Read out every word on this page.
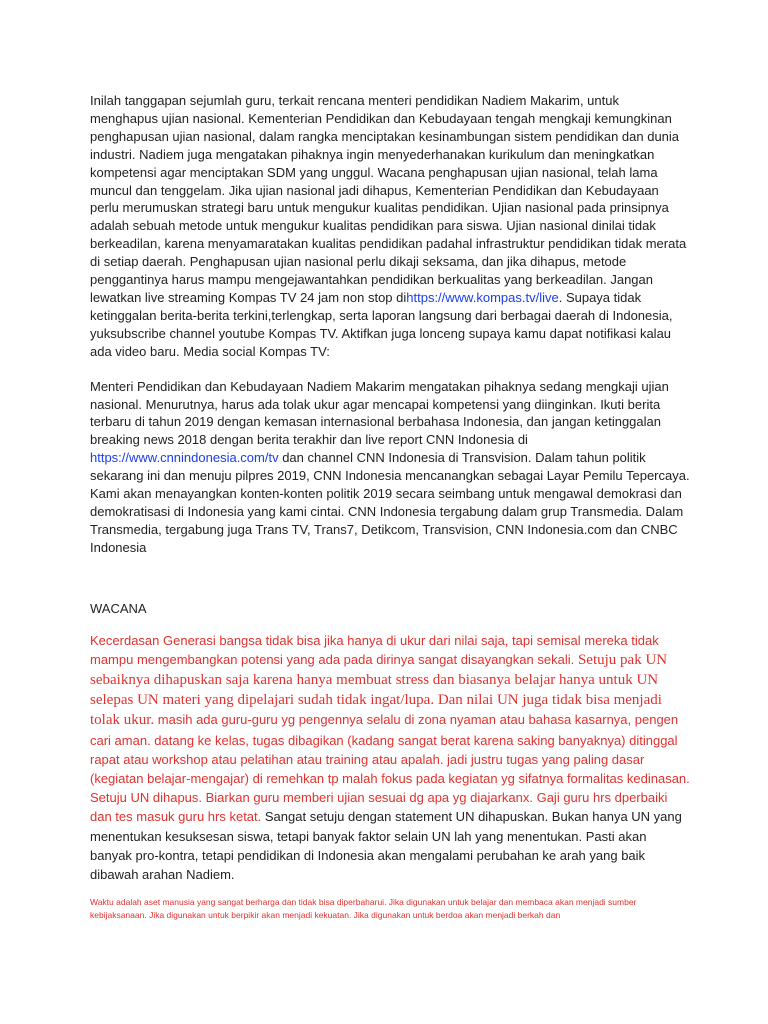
Inilah tanggapan sejumlah guru, terkait rencana menteri pendidikan Nadiem Makarim, untuk menghapus ujian nasional. Kementerian Pendidikan dan Kebudayaan tengah mengkaji kemungkinan penghapusan ujian nasional, dalam rangka menciptakan kesinambungan sistem pendidikan dan dunia industri. Nadiem juga mengatakan pihaknya ingin menyederhanakan kurikulum dan meningkatkan kompetensi agar menciptakan SDM yang unggul. Wacana penghapusan ujian nasional, telah lama muncul dan tenggelam. Jika ujian nasional jadi dihapus, Kementerian Pendidikan dan Kebudayaan perlu merumuskan strategi baru untuk mengukur kualitas pendidikan. Ujian nasional pada prinsipnya adalah sebuah metode untuk mengukur kualitas pendidikan para siswa. Ujian nasional dinilai tidak berkeadilan, karena menyamaratakan kualitas pendidikan padahal infrastruktur pendidikan tidak merata di setiap daerah. Penghapusan ujian nasional perlu dikaji seksama, dan jika dihapus, metode penggantinya harus mampu mengejawantahkan pendidikan berkualitas yang berkeadilan. Jangan lewatkan live streaming Kompas TV 24 jam non stop dihttps://www.kompas.tv/live. Supaya tidak ketinggalan berita-berita terkini,terlengkap, serta laporan langsung dari berbagai daerah di Indonesia, yuksubscribe channel youtube Kompas TV. Aktifkan juga lonceng supaya kamu dapat notifikasi kalau ada video baru. Media social Kompas TV:

Menteri Pendidikan dan Kebudayaan Nadiem Makarim mengatakan pihaknya sedang mengkaji ujian nasional. Menurutnya, harus ada tolak ukur agar mencapai kompetensi yang diinginkan. Ikuti berita terbaru di tahun 2019 dengan kemasan internasional berbahasa Indonesia, dan jangan ketinggalan breaking news 2018 dengan berita terakhir dan live report CNN Indonesia di
https://www.cnnindonesia.com/tv dan channel CNN Indonesia di Transvision. Dalam tahun politik sekarang ini dan menuju pilpres 2019, CNN Indonesia mencanangkan sebagai Layar Pemilu Tepercaya. Kami akan menayangkan konten-konten politik 2019 secara seimbang untuk mengawal demokrasi dan demokratisasi di Indonesia yang kami cintai. CNN Indonesia tergabung dalam grup Transmedia. Dalam Transmedia, tergabung juga Trans TV, Trans7, Detikcom, Transvision, CNN Indonesia.com dan CNBC Indonesia

WACANA

Kecerdasan Generasi bangsa tidak bisa jika hanya di ukur dari nilai saja, tapi semisal mereka tidak mampu mengembangkan potensi yang ada pada dirinya sangat disayangkan sekali. Setuju pak UN sebaiknya dihapuskan saja karena hanya membuat stress dan biasanya belajar hanya untuk UN selepas UN materi yang dipelajari sudah tidak ingat/lupa. Dan nilai UN juga tidak bisa menjadi tolak ukur. masih ada guru-guru yg pengennya selalu di zona nyaman atau bahasa kasarnya, pengen cari aman. datang ke kelas, tugas dibagikan (kadang sangat berat karena saking banyaknya) ditinggal rapat atau workshop atau pelatihan atau training atau apalah. jadi justru tugas yang paling dasar (kegiatan belajar-mengajar) di remehkan tp malah fokus pada kegiatan yg sifatnya formalitas kedinasan. Setuju UN dihapus. Biarkan guru memberi ujian sesuai dg apa yg diajarkanx. Gaji guru hrs dperbaiki dan tes masuk guru hrs ketat. Sangat setuju dengan statement UN dihapuskan. Bukan hanya UN yang menentukan kesuksesan siswa, tetapi banyak faktor selain UN lah yang menentukan. Pasti akan banyak pro-kontra, tetapi pendidikan di Indonesia akan mengalami perubahan ke arah yang baik dibawah arahan Nadiem.

Waktu adalah aset manusia yang sangat berharga dan tidak bisa diperbaharui. Jika digunakan untuk belajar dan membaca akan menjadi sumber kebijaksanaan. Jika digunakan untuk berpikir akan menjadi kekuatan. Jika digunakan untuk berdoa akan menjadi berkah dan
